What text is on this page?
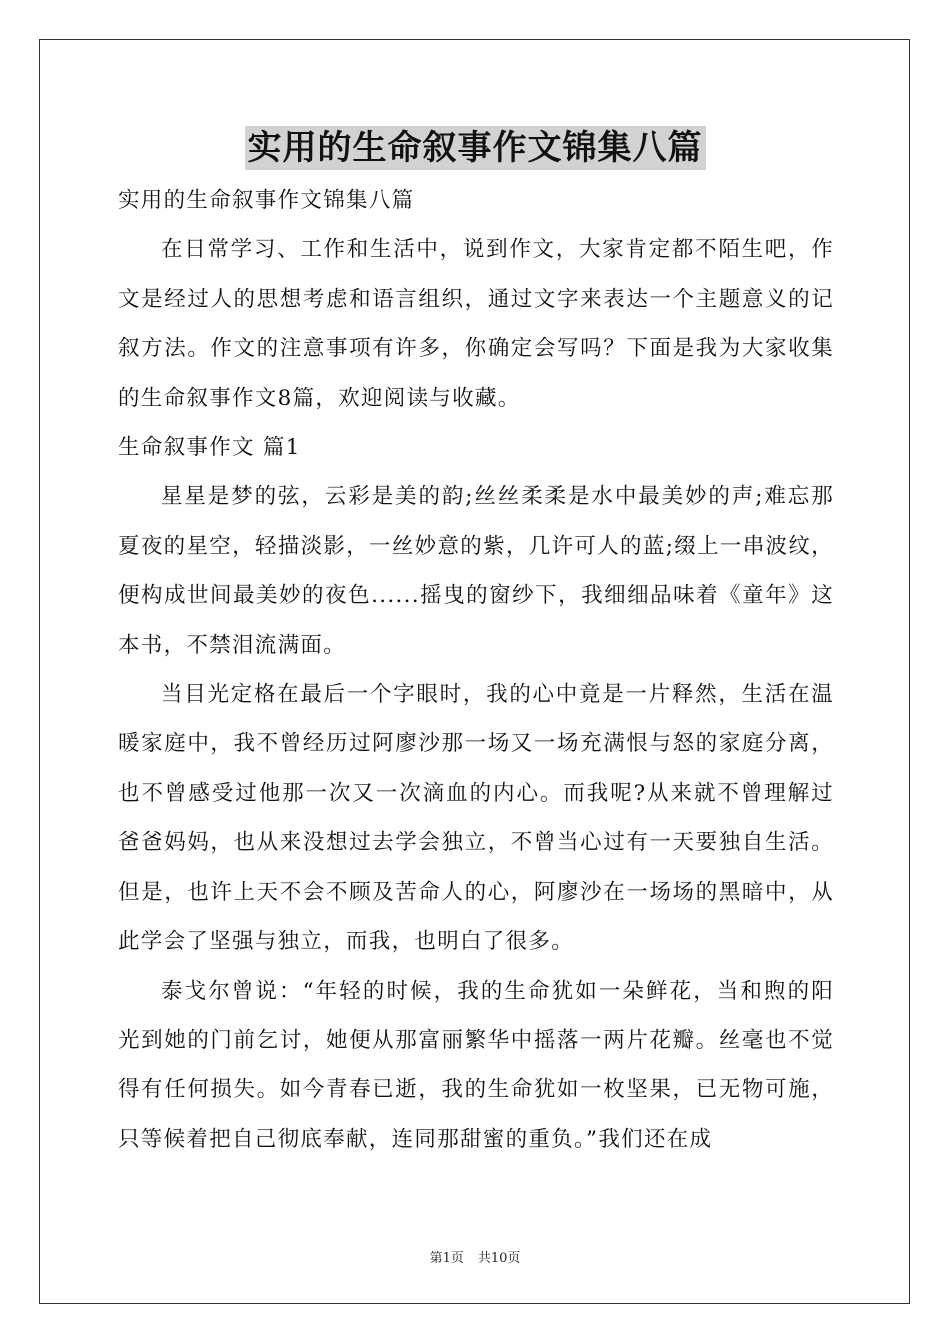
实用的生命叙事作文锦集八篇

实用的生命叙事作文锦集八篇

在日常学习、工作和生活中，说到作文，大家肯定都不陌生吧，作文是经过人的思想考虑和语言组织，通过文字来表达一个主题意义的记叙方法。作文的注意事项有许多，你确定会写吗？下面是我为大家收集的生命叙事作文8篇，欢迎阅读与收藏。

生命叙事作文 篇1

星星是梦的弦，云彩是美的韵;丝丝柔柔是水中最美妙的声;难忘那夏夜的星空，轻描淡影，一丝妙意的紫，几许可人的蓝;缀上一串波纹，便构成世间最美妙的夜色......摇曳的窗纱下，我细细品味着《童年》这本书，不禁泪流满面。

当目光定格在最后一个字眼时，我的心中竟是一片释然，生活在温暖家庭中，我不曾经历过阿廖沙那一场又一场充满恨与怒的家庭分离，也不曾感受过他那一次又一次滴血的内心。而我呢?从来就不曾理解过爸爸妈妈，也从来没想过去学会独立，不曾当心过有一天要独自生活。但是，也许上天不会不顾及苦命人的心，阿廖沙在一场场的黑暗中，从此学会了坚强与独立，而我，也明白了很多。

泰戈尔曾说：“年轻的时候，我的生命犹如一朵鲜花，当和煦的阳光到她的门前乞讨，她便从那富丽繁华中摇落一两片花瓣。丝毫也不觉得有任何损失。如今青春已逝，我的生命犹如一枚坚果，已无物可施，只等候着把自己彻底奉献，连同那甜蜜的重负。”我们还在成

第1页 共10页
